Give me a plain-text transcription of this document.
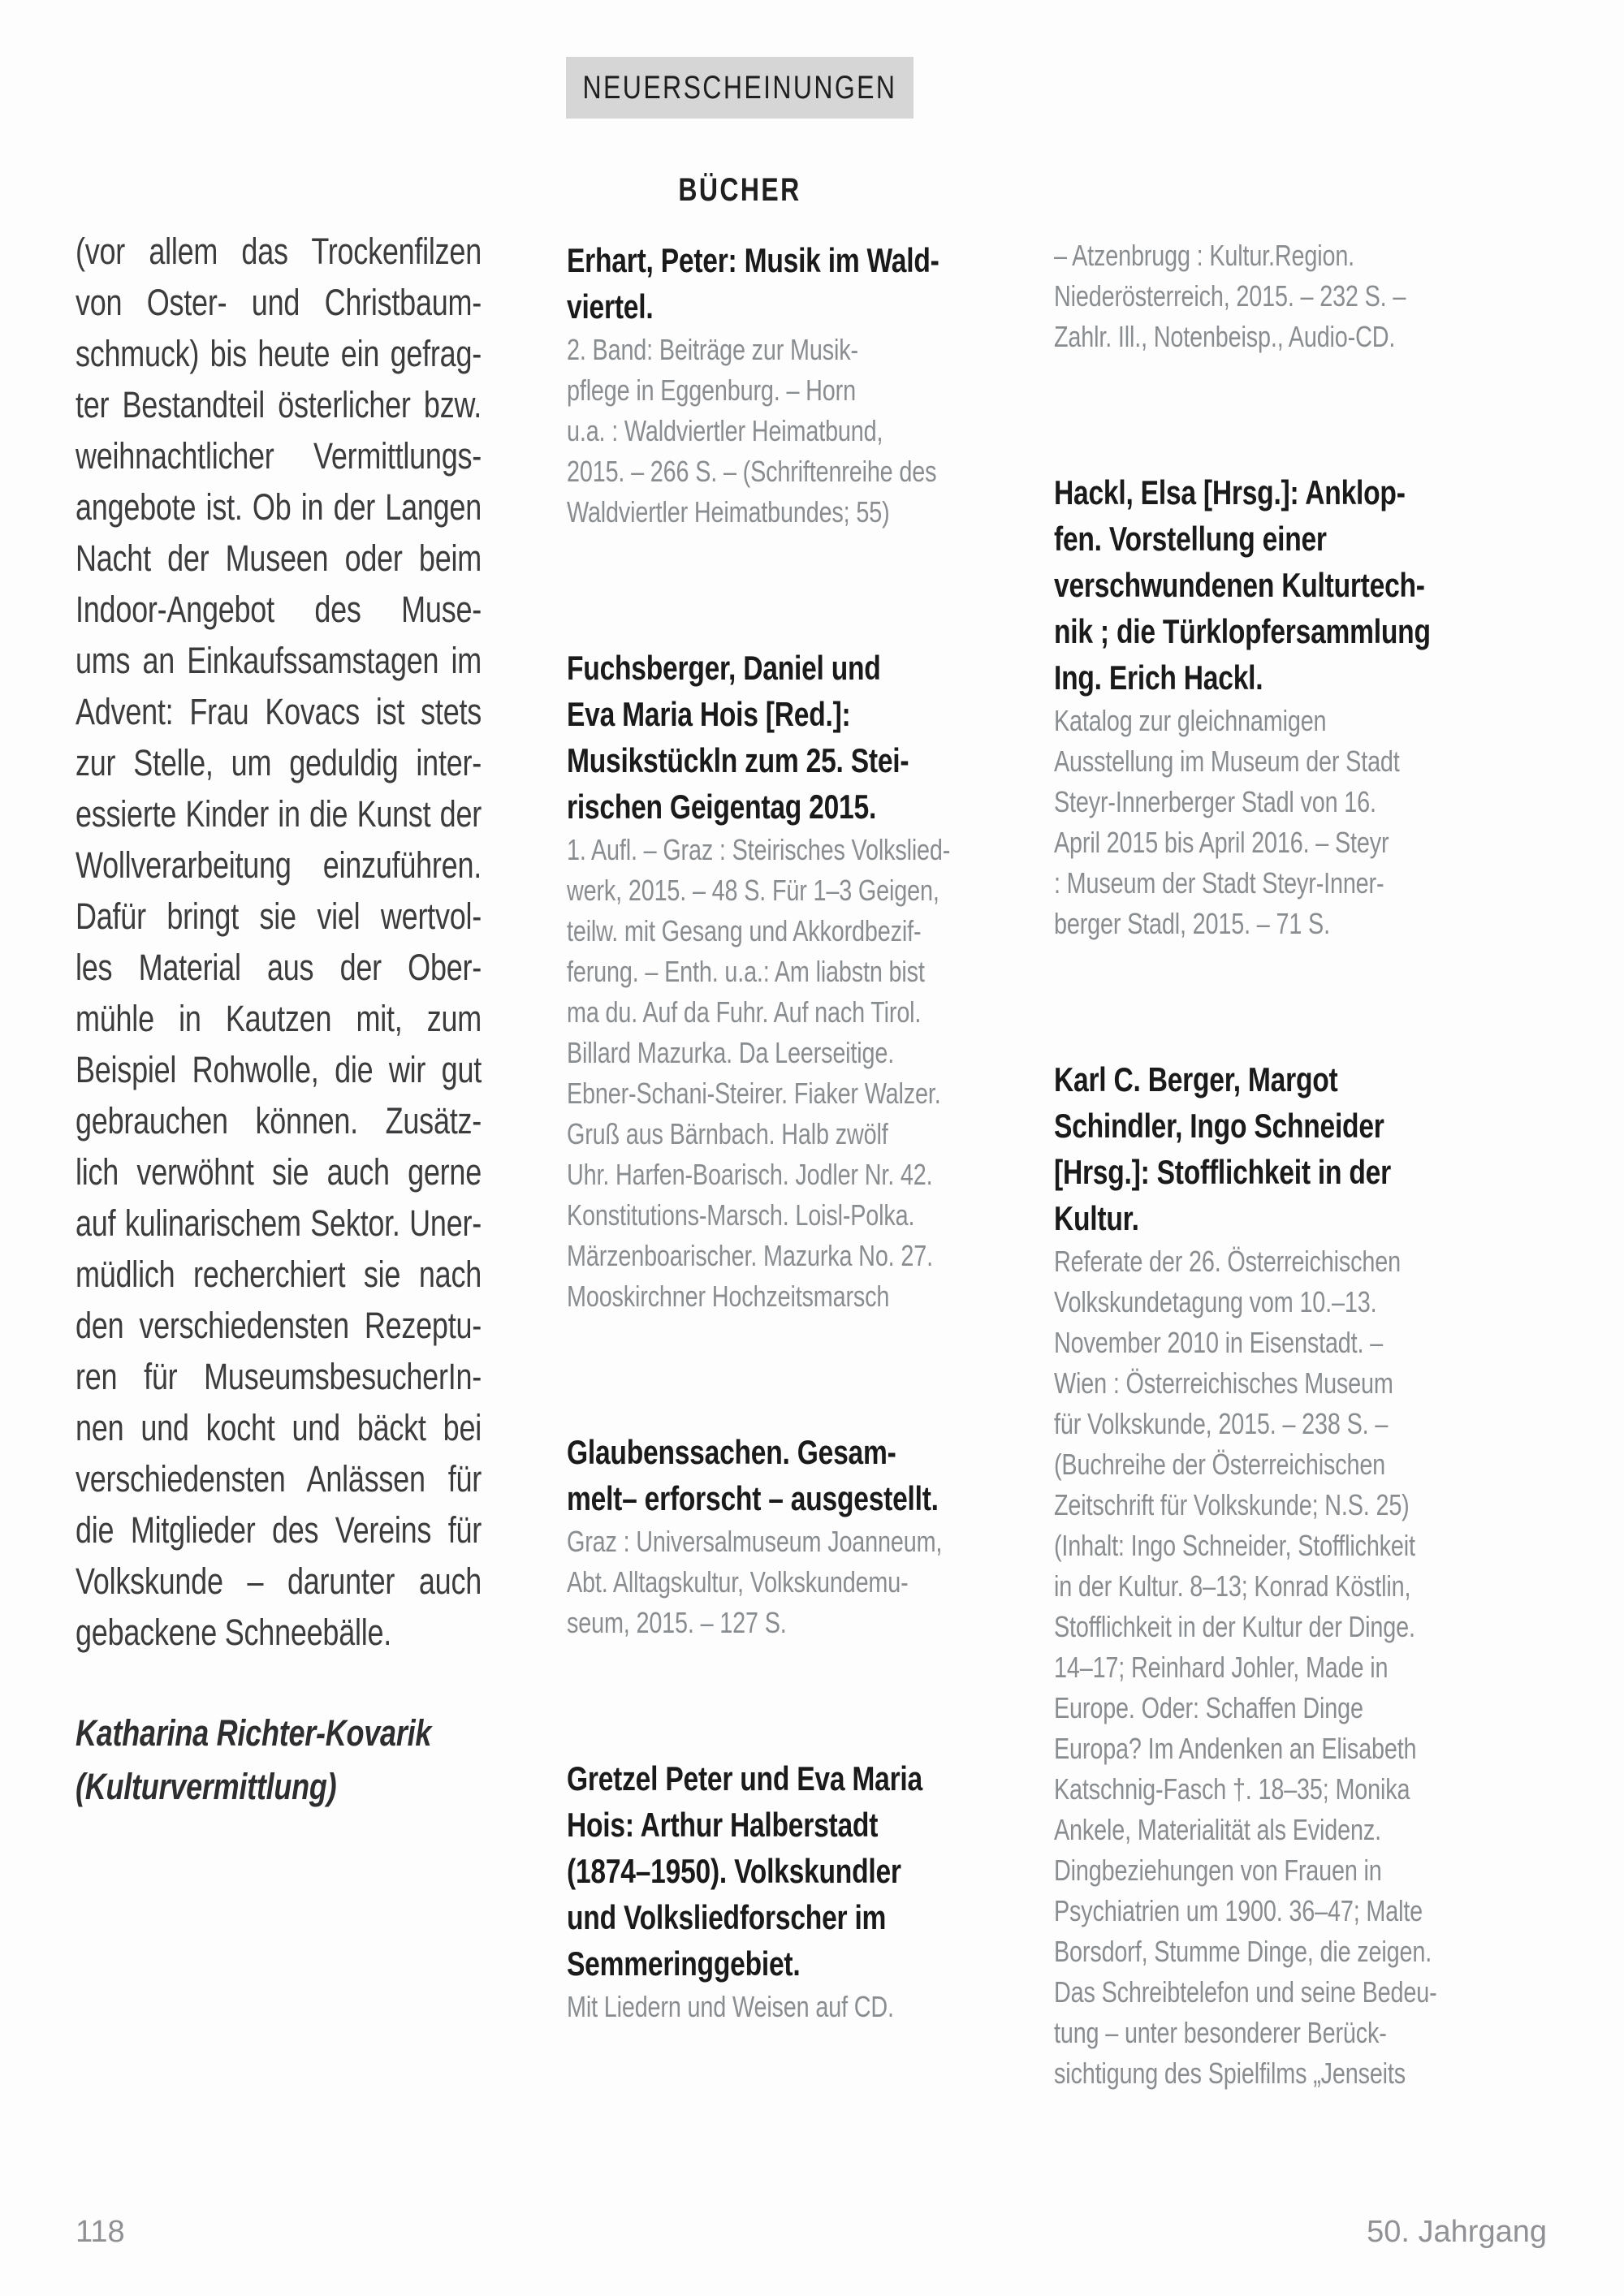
NEUERSCHEINUNGEN
BÜCHER
(vor allem das Trockenfilzen
von Oster- und Christbaum-
schmuck) bis heute ein gefrag-
ter Bestandteil österlicher bzw.
weihnachtlicher Vermittlungs-
angebote ist. Ob in der Langen
Nacht der Museen oder beim
Indoor-Angebot des Muse-
ums an Einkaufssamstagen im
Advent: Frau Kovacs ist stets
zur Stelle, um geduldig inter-
essierte Kinder in die Kunst der
Wollverarbeitung einzuführen.
Dafür bringt sie viel wertvol-
les Material aus der Ober-
mühle in Kautzen mit, zum
Beispiel Rohwolle, die wir gut
gebrauchen können. Zusätz-
lich verwöhnt sie auch gerne
auf kulinarischem Sektor. Uner-
müdlich recherchiert sie nach
den verschiedensten Rezeptu-
ren für MuseumsbesucherIn-
nen und kocht und bäckt bei
verschiedensten Anlässen für
die Mitglieder des Vereins für
Volkskunde – darunter auch
gebackene Schneebälle.
Katharina Richter-Kovarik
(Kulturvermittlung)
Erhart, Peter: Musik im Wald-
viertel.
2. Band: Beiträge zur Musik-
pflege in Eggenburg. – Horn
u.a. : Waldviertler Heimatbund,
2015. – 266 S. – (Schriftenreihe des
Waldviertler Heimatbundes; 55)
Fuchsberger, Daniel und
Eva Maria Hois [Red.]:
Musikstückln zum 25. Stei-
rischen Geigentag 2015.
1. Aufl. – Graz : Steirisches Volkslied-
werk, 2015. – 48 S. Für 1–3 Geigen,
teilw. mit Gesang und Akkordbezif-
ferung. – Enth. u.a.: Am liabstn bist
ma du. Auf da Fuhr. Auf nach Tirol.
Billard Mazurka. Da Leerseitige.
Ebner-Schani-Steirer. Fiaker Walzer.
Gruß aus Bärnbach. Halb zwölf
Uhr. Harfen-Boarisch. Jodler Nr. 42.
Konstitutions-Marsch. Loisl-Polka.
Märzenboarischer. Mazurka No. 27.
Mooskirchner Hochzeitsmarsch
Glaubenssachen. Gesam-
melt– erforscht – ausgestellt.
Graz : Universalmuseum Joanneum,
Abt. Alltagskultur, Volkskundemu-
seum, 2015. – 127 S.
Gretzel Peter und Eva Maria
Hois: Arthur Halberstadt
(1874–1950). Volkskundler
und Volksliedforscher im
Semmeringgebiet.
Mit Liedern und Weisen auf CD.
– Atzenbrugg : Kultur.Region.
Niederösterreich, 2015. – 232 S. –
Zahlr. Ill., Notenbeisp., Audio-CD.
Hackl, Elsa [Hrsg.]: Anklop-
fen. Vorstellung einer
verschwundenen Kulturtech-
nik ; die Türklopfersammlung
Ing. Erich Hackl.
Katalog zur gleichnamigen
Ausstellung im Museum der Stadt
Steyr-Innerberger Stadl von 16.
April 2015 bis April 2016. – Steyr
: Museum der Stadt Steyr-Inner-
berger Stadl, 2015. – 71 S.
Karl C. Berger, Margot
Schindler, Ingo Schneider
[Hrsg.]: Stofflichkeit in der
Kultur.
Referate der 26. Österreichischen
Volkskundetagung vom 10.–13.
November 2010 in Eisenstadt. –
Wien : Österreichisches Museum
für Volkskunde, 2015. – 238 S. –
(Buchreihe der Österreichischen
Zeitschrift für Volkskunde; N.S. 25)
(Inhalt: Ingo Schneider, Stofflichkeit
in der Kultur. 8–13; Konrad Köstlin,
Stofflichkeit in der Kultur der Dinge.
14–17; Reinhard Johler, Made in
Europe. Oder: Schaffen Dinge
Europa? Im Andenken an Elisabeth
Katschnig-Fasch †. 18–35; Monika
Ankele, Materialität als Evidenz.
Dingbeziehungen von Frauen in
Psychiatrien um 1900. 36–47; Malte
Borsdorf, Stumme Dinge, die zeigen.
Das Schreibtelefon und seine Bedeu-
tung – unter besonderer Berück-
sichtigung des Spielfilms „Jenseits
118	50. Jahrgang
